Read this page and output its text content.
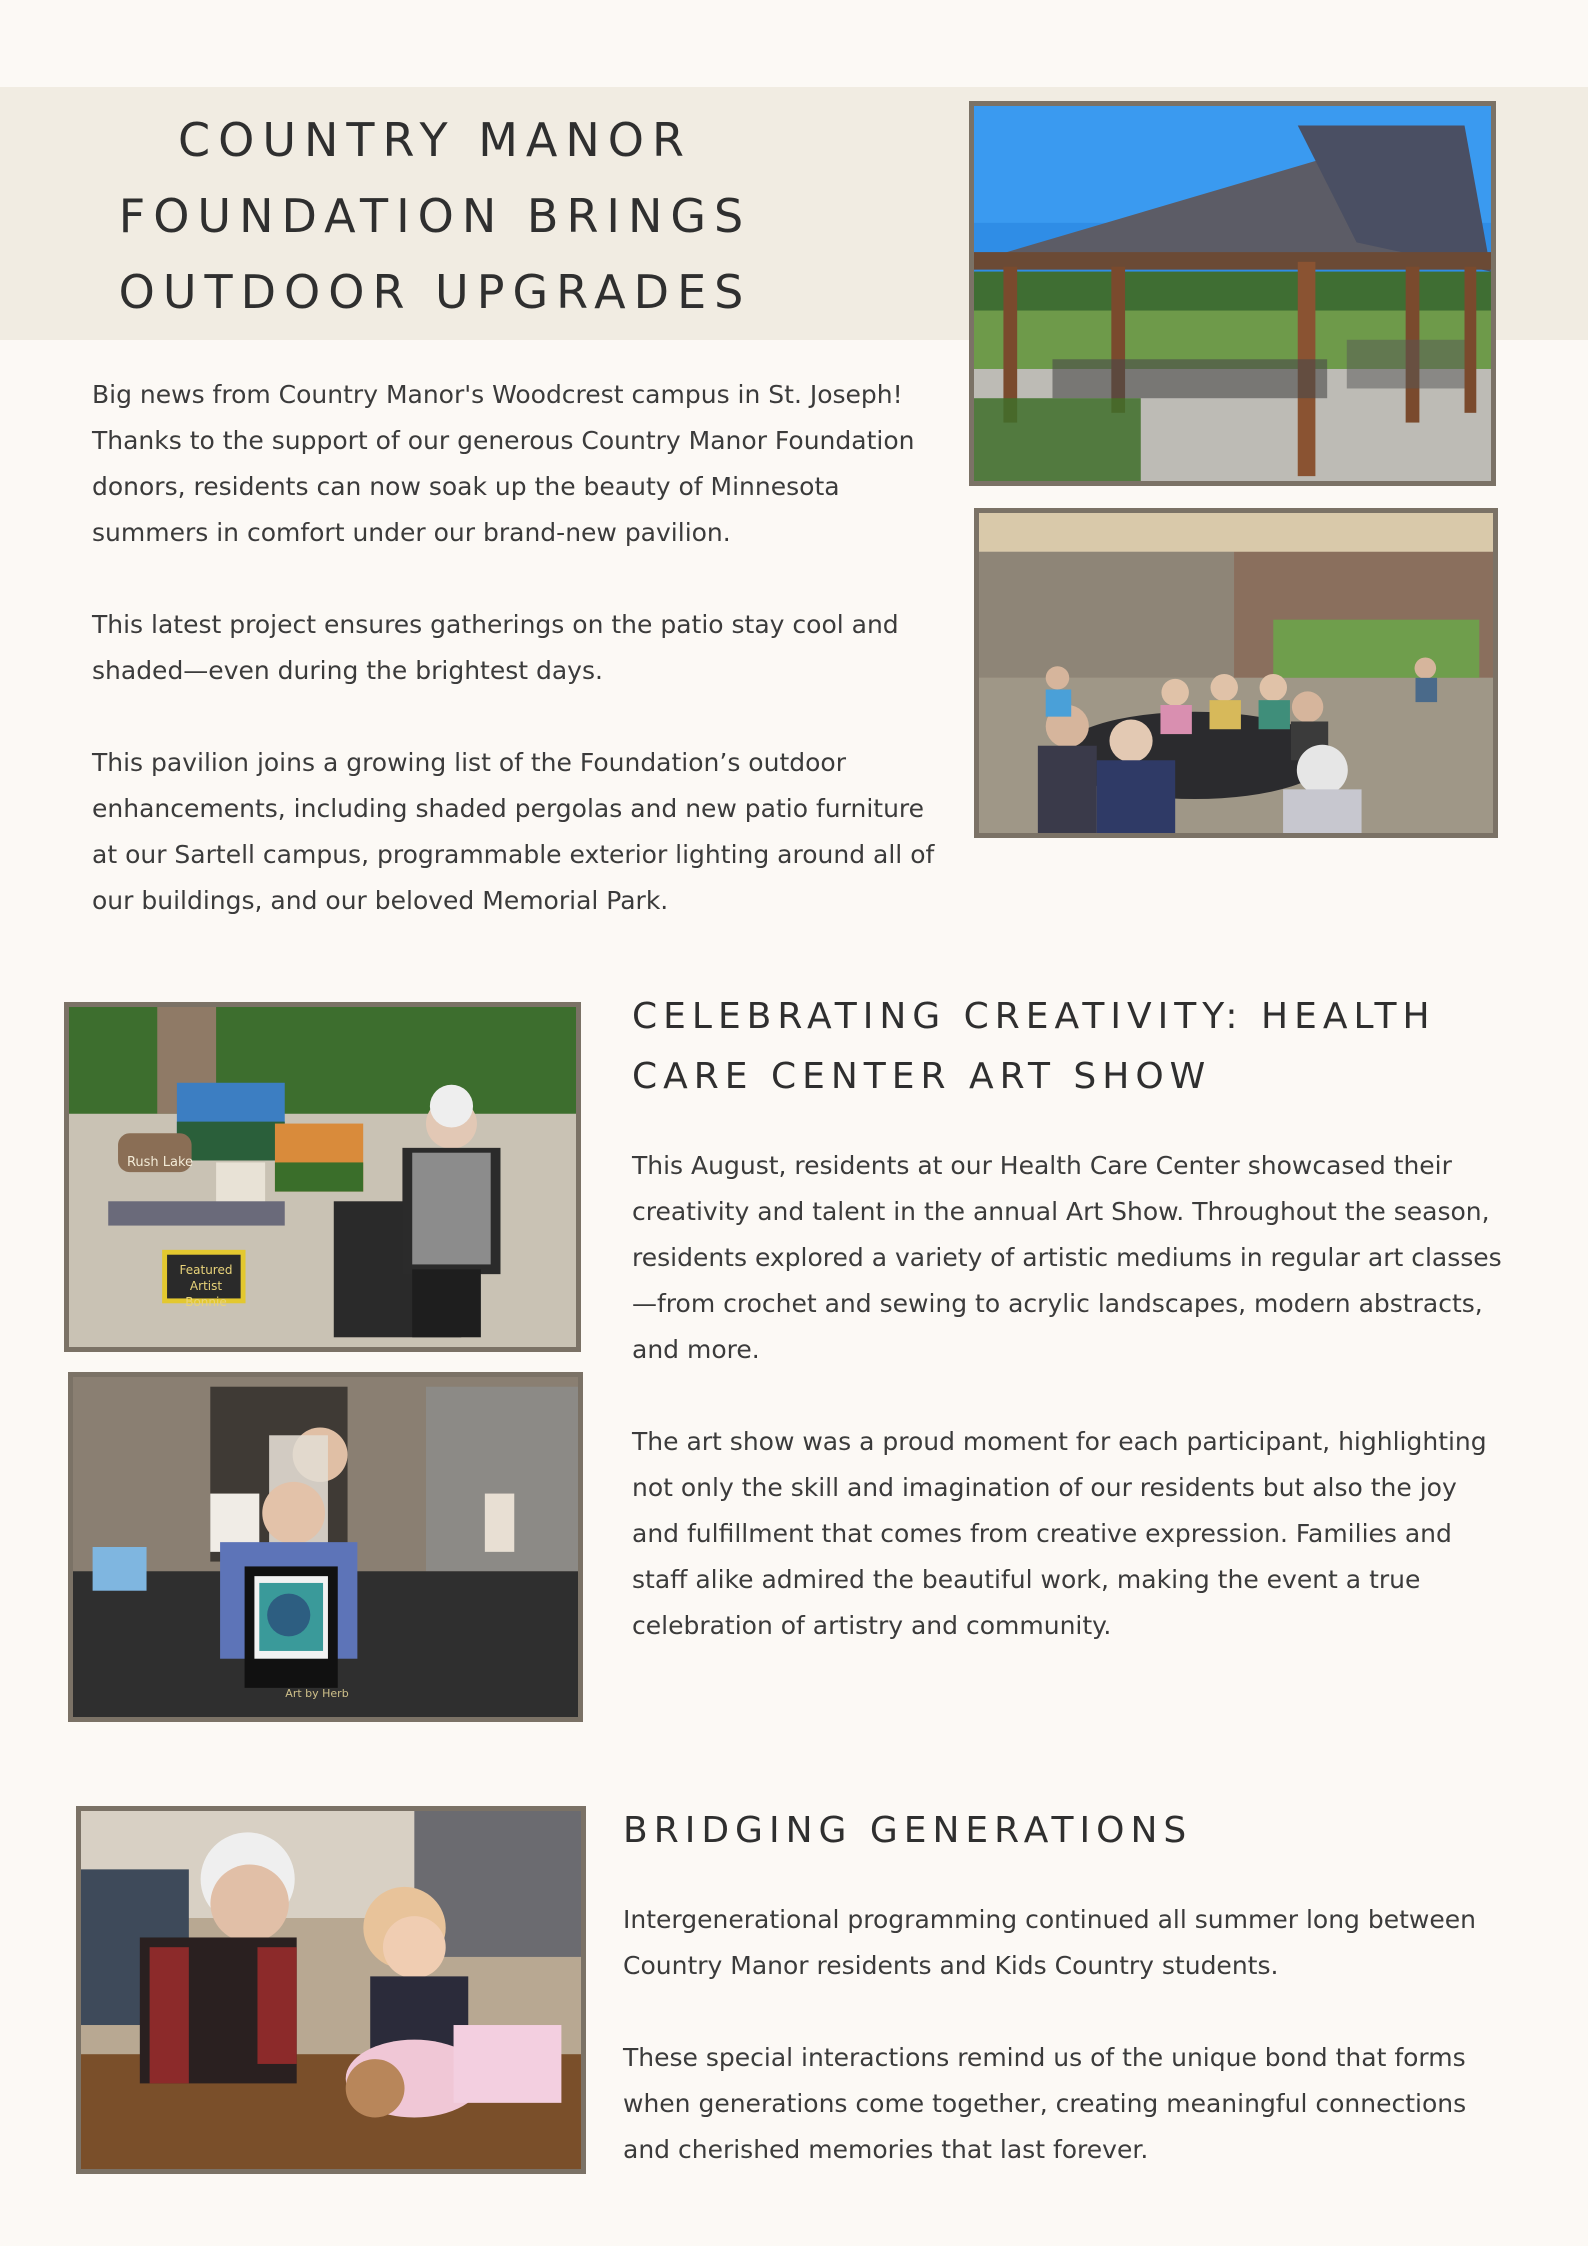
COUNTRY MANOR
FOUNDATION BRINGS
OUTDOOR UPGRADES

Big news from Country Manor's Woodcrest campus in St. Joseph! Thanks to the support of our generous Country Manor Foundation donors, residents can now soak up the beauty of Minnesota summers in comfort under our brand-new pavilion.

This latest project ensures gatherings on the patio stay cool and shaded—even during the brightest days.

This pavilion joins a growing list of the Foundation’s outdoor enhancements, including shaded pergolas and new patio furniture at our Sartell campus, programmable exterior lighting around all of our buildings, and our beloved Memorial Park.

CELEBRATING CREATIVITY: HEALTH
CARE CENTER ART SHOW

This August, residents at our Health Care Center showcased their creativity and talent in the annual Art Show. Throughout the season, residents explored a variety of artistic mediums in regular art classes—from crochet and sewing to acrylic landscapes, modern abstracts, and more.

The art show was a proud moment for each participant, highlighting not only the skill and imagination of our residents but also the joy and fulfillment that comes from creative expression. Families and staff alike admired the beautiful work, making the event a true celebration of artistry and community.

Rush Lake
Featured Artist Bonnie
Art by Herb
BRIDGING GENERATIONS

Intergenerational programming continued all summer long between Country Manor residents and Kids Country students.

These special interactions remind us of the unique bond that forms when generations come together, creating meaningful connections and cherished memories that last forever.
